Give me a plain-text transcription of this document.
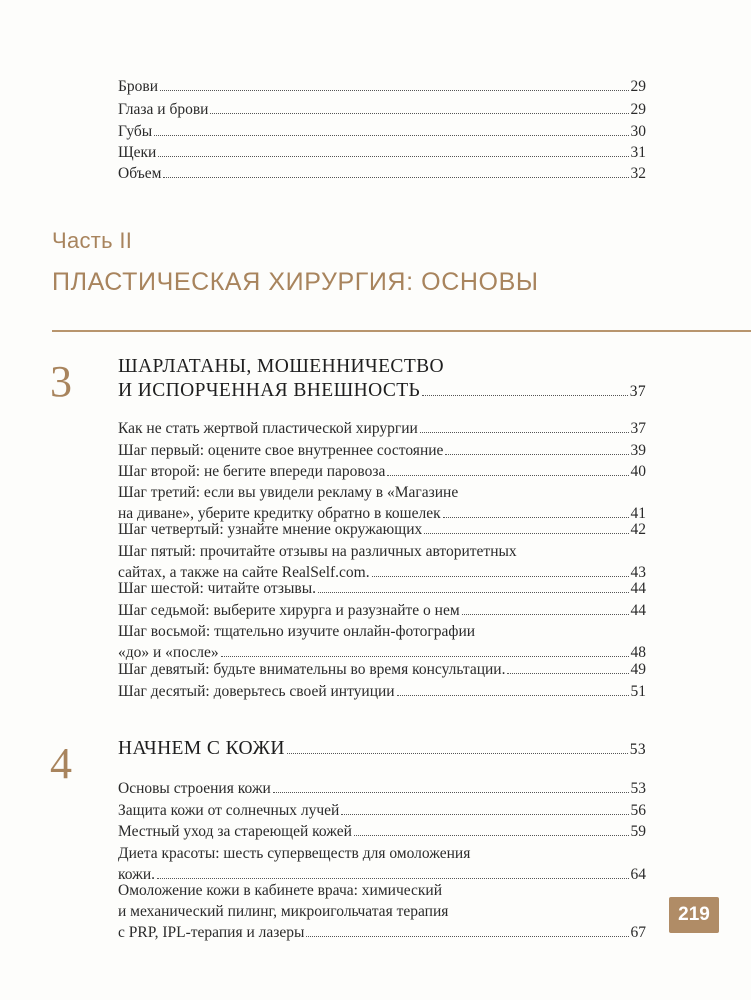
Брови	29
Глаза и брови	29
Губы	30
Щеки	31
Объем	32
Часть II
ПЛАСТИЧЕСКАЯ ХИРУРГИЯ: ОСНОВЫ
3 ШАРЛАТАНЫ, МОШЕННИЧЕСТВО
И ИСПОРЧЕННАЯ ВНЕШНОСТЬ	37
Как не стать жертвой пластической хирургии	37
Шаг первый: оцените свое внутреннее состояние	39
Шаг второй: не бегите впереди паровоза	40
Шаг третий: если вы увидели рекламу в «Магазине
на диване», уберите кредитку обратно в кошелек	41
Шаг четвертый: узнайте мнение окружающих	42
Шаг пятый: прочитайте отзывы на различных авторитетных
сайтах, а также на сайте RealSelf.com.	43
Шаг шестой: читайте отзывы.	44
Шаг седьмой: выберите хирурга и разузнайте о нем	44
Шаг восьмой: тщательно изучите онлайн-фотографии
«до» и «после»	48
Шаг девятый: будьте внимательны во время консультации.	49
Шаг десятый: доверьтесь своей интуиции	51
4 НАЧНЕМ С КОЖИ	53
Основы строения кожи	53
Защита кожи от солнечных лучей	56
Местный уход за стареющей кожей	59
Диета красоты: шесть супервеществ для омоложения
кожи.	64
Омоложение кожи в кабинете врача: химический
и механический пилинг, микроигольчатая терапия
с PRP, IPL-терапия и лазеры	67
219
